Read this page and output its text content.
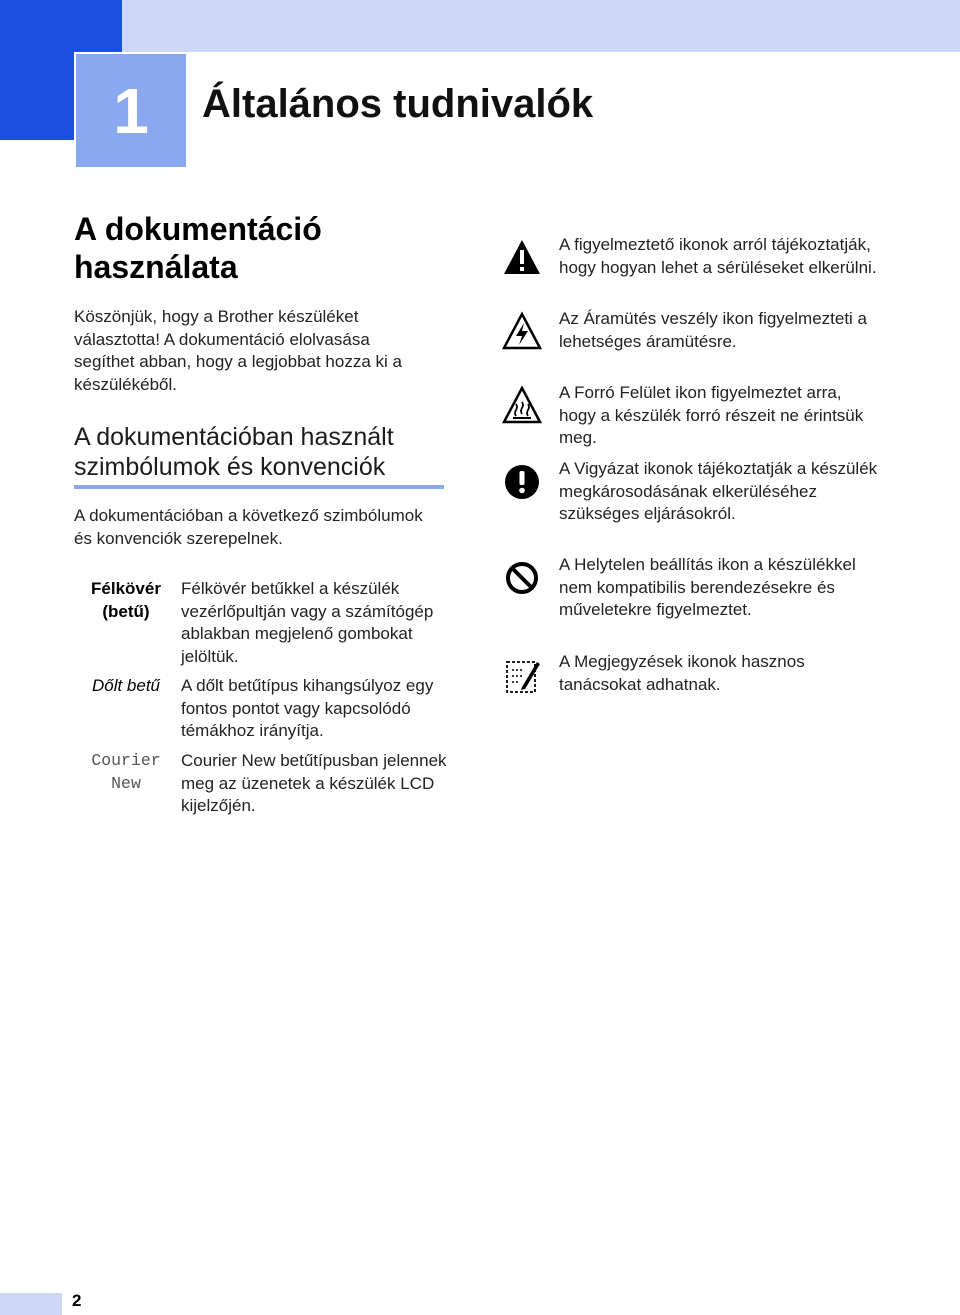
1	Általános tudnivalók
A dokumentáció használata
Köszönjük, hogy a Brother készüléket választotta! A dokumentáció elolvasása segíthet abban, hogy a legjobbat hozza ki a készülékéből.
A dokumentációban használt szimbólumok és konvenciók
A dokumentációban a következő szimbólumok és konvenciók szerepelnek.
Félkövér (betű)
Félkövér betűkkel a készülék vezérlőpultján vagy a számítógép ablakban megjelenő gombokat jelöltük.
Dőlt betű	A dőlt betűtípus kihangsúlyoz egy fontos pontot vagy kapcsolódó témákhoz irányítja.
Courier New
Courier New betűtípusban jelennek meg az üzenetek a készülék LCD kijelzőjén.
A figyelmeztető ikonok arról tájékoztatják, hogy hogyan lehet a sérüléseket elkerülni.
Az Áramütés veszély ikon figyelmezteti a lehetséges áramütésre.
A Forró Felület ikon figyelmeztet arra, hogy a készülék forró részeit ne érintsük meg.
A Vigyázat ikonok tájékoztatják a készülék megkárosodásának elkerüléséhez szükséges eljárásokról.
A Helytelen beállítás ikon a készülékkel nem kompatibilis berendezésekre és műveletekre figyelmeztet.
A Megjegyzések ikonok hasznos tanácsokat adhatnak.
2
